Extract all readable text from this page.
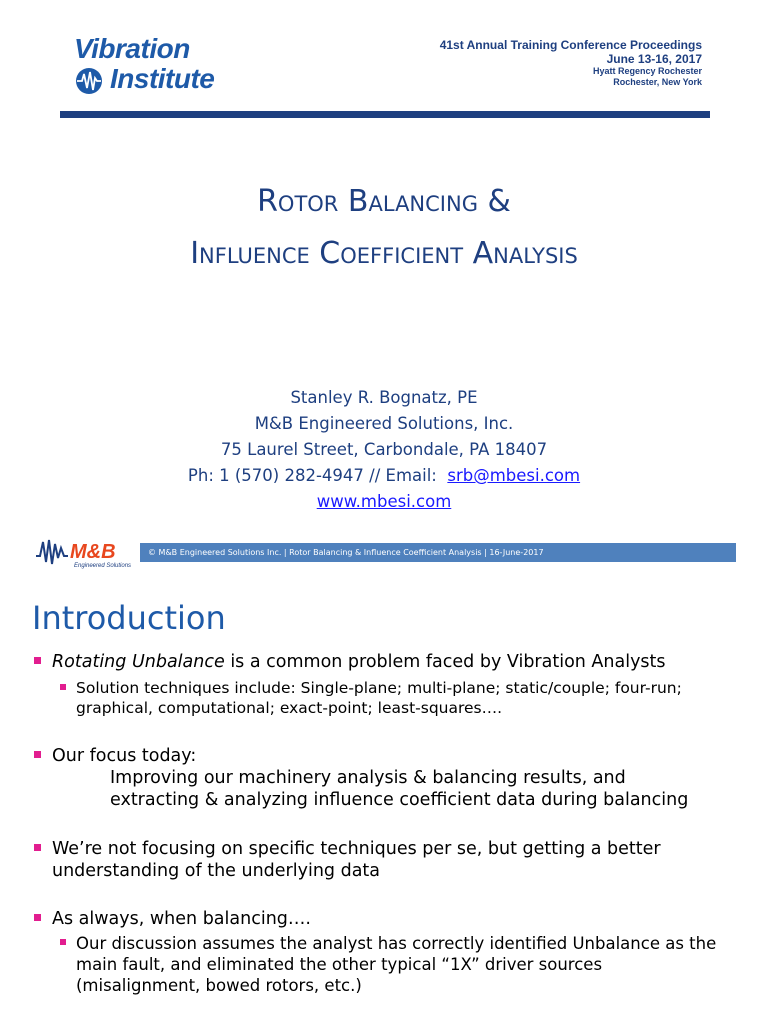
Vibration
Institute
41st Annual Training Conference Proceedings
June 13-16, 2017
Hyatt Regency Rochester
Rochester, New York
Rotor Balancing &
Influence Coefficient Analysis
Stanley R. Bognatz, PE
M&B Engineered Solutions, Inc.
75 Laurel Street, Carbondale, PA 18407
Ph: 1 (570) 282-4947 // Email:  srb@mbesi.com
www.mbesi.com
M&B
Engineered Solutions
© M&B Engineered Solutions Inc. | Rotor Balancing & Influence Coefficient Analysis | 16-June-2017
Introduction
Rotating Unbalance is a common problem faced by Vibration Analysts
Solution techniques include: Single-plane; multi-plane; static/couple; four-run; graphical, computational; exact-point; least-squares….
Our focus today:
Improving our machinery analysis & balancing results, and
extracting & analyzing influence coefficient data during balancing
We’re not focusing on specific techniques per se, but getting a better understanding of the underlying data
As always, when balancing….
Our discussion assumes the analyst has correctly identified Unbalance as the main fault, and eliminated the other typical “1X” driver sources (misalignment, bowed rotors, etc.)
